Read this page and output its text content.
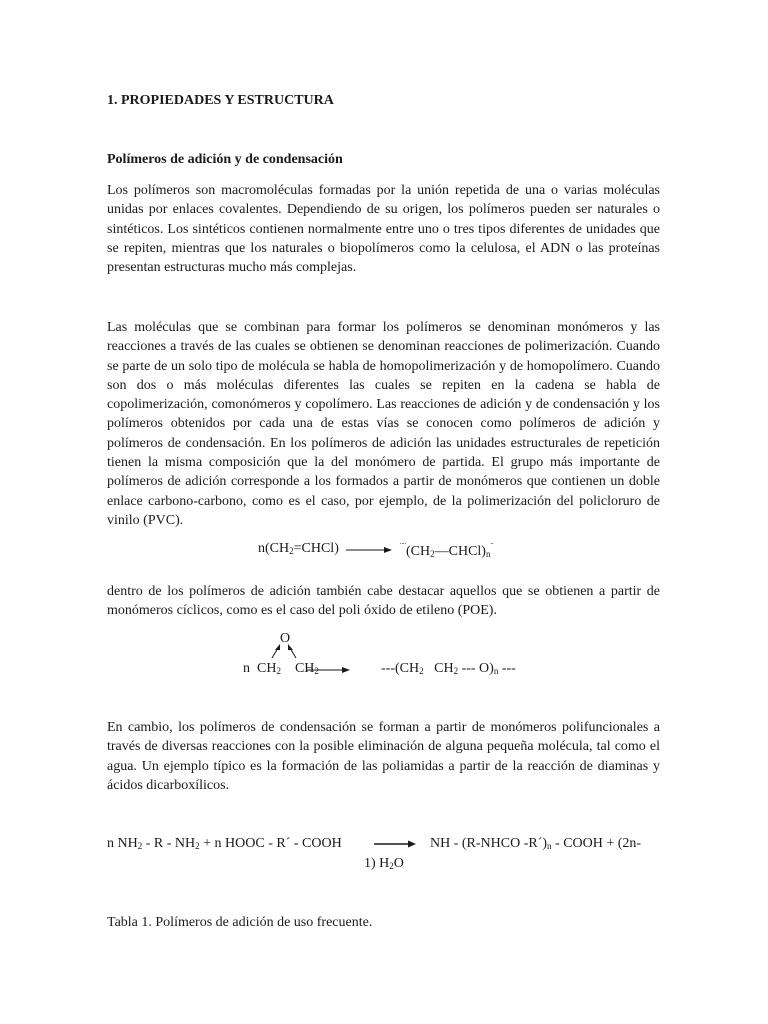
1. PROPIEDADES Y ESTRUCTURA
Polímeros de adición y de condensación

Los polímeros son macromoléculas formadas por la unión repetida de una o varias moléculas unidas por enlaces covalentes. Dependiendo de su origen, los polímeros pueden ser naturales o sintéticos. Los sintéticos contienen normalmente entre uno o tres tipos diferentes de unidades que se repiten, mientras que los naturales o biopolímeros como la celulosa, el ADN o las proteínas presentan estructuras mucho más complejas.

Las moléculas que se combinan para formar los polímeros se denominan monómeros y las reacciones a través de las cuales se obtienen se denominan reacciones de polimerización. Cuando se parte de un solo tipo de molécula se habla de homopolimerización y de homopolímero. Cuando son dos o más moléculas diferentes las cuales se repiten en la cadena se habla de copolimerización, comonómeros y copolímero. Las reacciones de adición y de condensación y los polímeros obtenidos por cada una de estas vías se conocen como polímeros de adición y polímeros de condensación. En los polímeros de adición las unidades estructurales de repetición tienen la misma composición que la del monómero de partida. El grupo más importante de polímeros de adición corresponde a los formados a partir de monómeros que contienen un doble enlace carbono-carbono, como es el caso, por ejemplo, de la polimerización del policloruro de vinilo (PVC).

$n(CH_2=CHCl)$ → $^{¨¨}(CH_2—CHCl)_n^¨$

dentro de los polímeros de adición también cabe destacar aquellos que se obtienen a partir de monómeros cíclicos, como es el caso del poli óxido de etileno (POE).

O
n $CH_2$ $CH_2$	$---(CH_2$ $CH_2$ --- $O)_n$ ---

En cambio, los polímeros de condensación se forman a partir de monómeros polifuncionales a través de diversas reacciones con la posible eliminación de alguna pequeña molécula, tal como el agua. Un ejemplo típico es la formación de las poliamidas a partir de la reacción de diaminas y ácidos dicarboxílicos.

n $NH_2 - R - NH_2 + n$ HOOC - R´ - COOH → NH - (R-NHCO $-R´)_n$ - COOH + (2n-
1) $H_2O$
Tabla 1. Polímeros de adición de uso frecuente.
